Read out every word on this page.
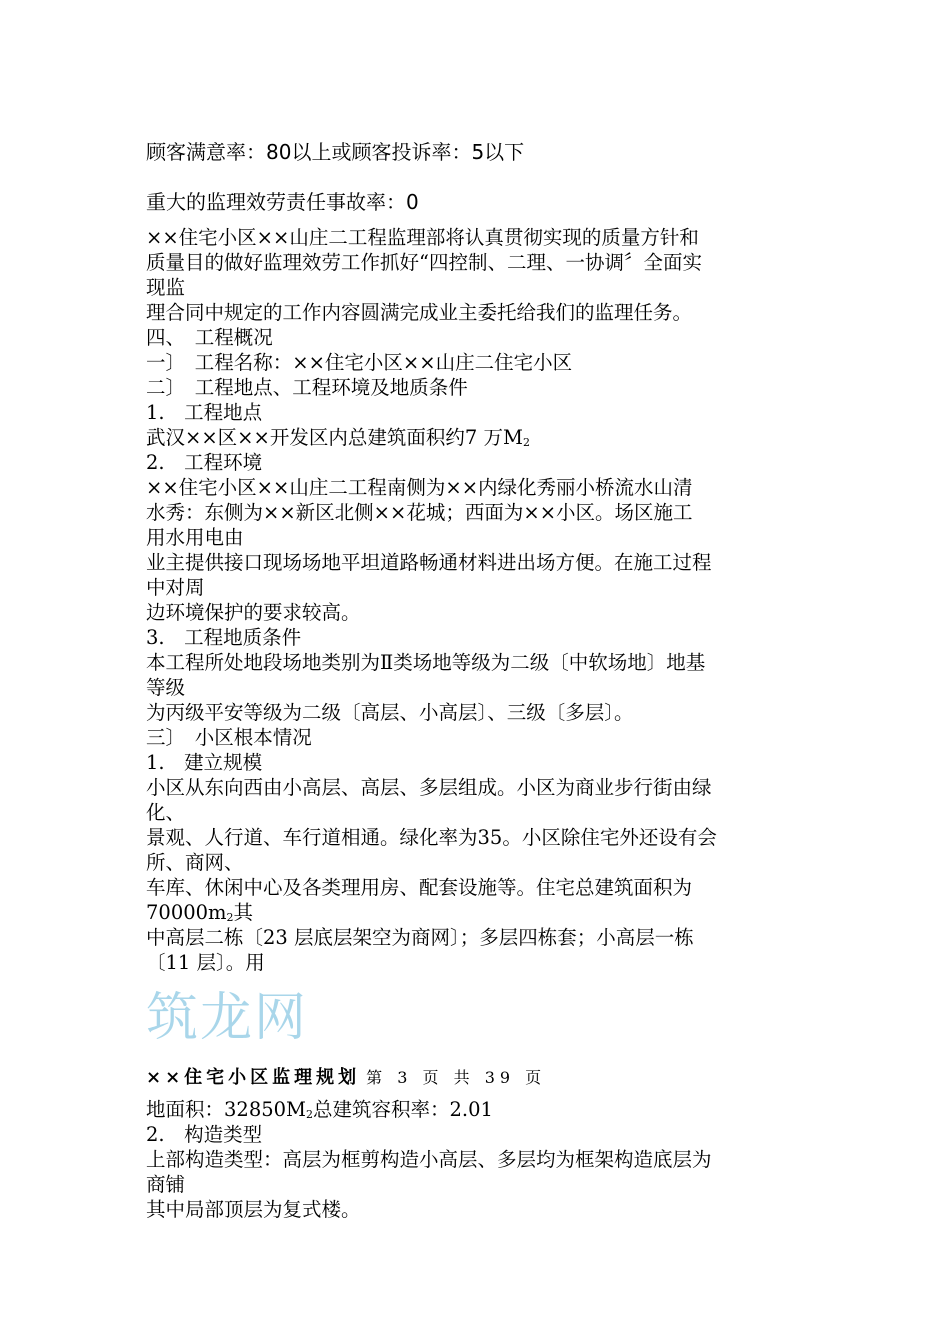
顾客满意率：80以上或顾客投诉率：5以下
重大的监理效劳责任事故率：0
××住宅小区××山庄二工程监理部将认真贯彻实现的质量方针和
质量目的做好监理效劳工作抓好“四控制、二理、一协调〞全面实
现监
理合同中规定的工作内容圆满完成业主委托给我们的监理任务。
四、　工程概况
一〕　工程名称：××住宅小区××山庄二住宅小区
二〕　工程地点、工程环境及地质条件
1.　工程地点
武汉××区××开发区内总建筑面积约7 万$M_2$
2.　工程环境
××住宅小区××山庄二工程南侧为××内绿化秀丽小桥流水山清
水秀：东侧为××新区北侧××花城；西面为××小区。场区施工
用水用电由
业主提供接口现场场地平坦道路畅通材料进出场方便。在施工过程
中对周
边环境保护的要求较高。
3.　工程地质条件
本工程所处地段场地类别为Ⅱ类场地等级为二级〔中软场地〕地基
等级
为丙级平安等级为二级〔高层、小高层〕、三级〔多层〕。
三〕　小区根本情况
1.　建立规模
小区从东向西由小高层、高层、多层组成。小区为商业步行街由绿
化、
景观、人行道、车行道相通。绿化率为35。小区除住宅外还设有会
所、商网、
车库、休闲中心及各类理用房、配套设施等。住宅总建筑面积为
$70000m_2$其
中高层二栋〔23 层底层架空为商网〕；多层四栋套；小高层一栋
〔11 层〕。用
筑龙网
××住宅小区监理规划 第 3 页 共 39 页
地面积：$32850M_2$总建筑容积率：2.01
2.　构造类型
上部构造类型：高层为框剪构造小高层、多层均为框架构造底层为
商铺
其中局部顶层为复式楼。
